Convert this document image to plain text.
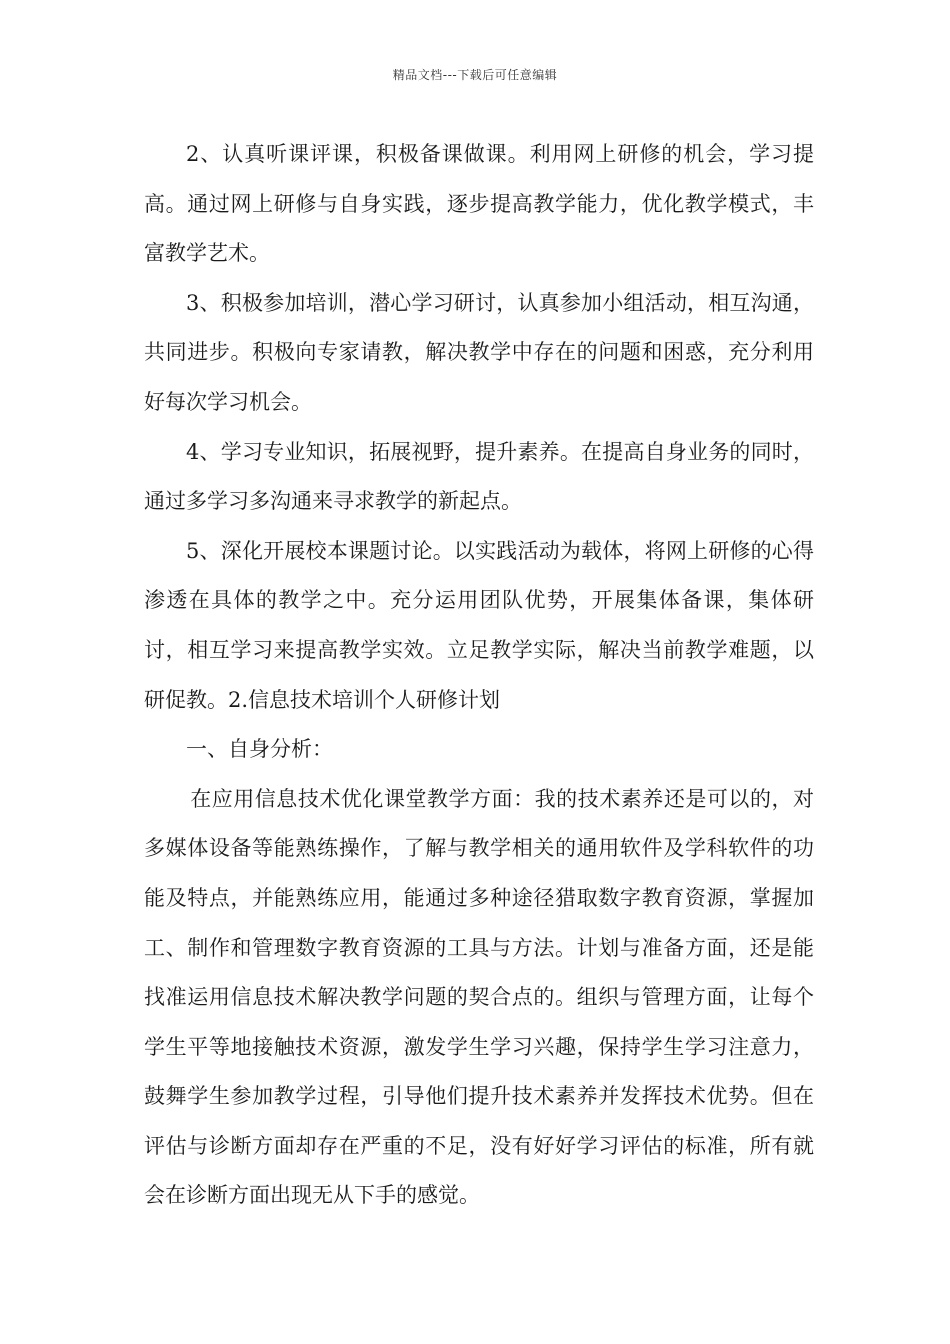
精品文档---下载后可任意编辑

2、认真听课评课，积极备课做课。利用网上研修的机会，学习提高。通过网上研修与自身实践，逐步提高教学能力，优化教学模式，丰富教学艺术。

3、积极参加培训，潜心学习研讨，认真参加小组活动，相互沟通，共同进步。积极向专家请教，解决教学中存在的问题和困惑，充分利用好每次学习机会。

4、学习专业知识，拓展视野，提升素养。在提高自身业务的同时，通过多学习多沟通来寻求教学的新起点。

5、深化开展校本课题讨论。以实践活动为载体，将网上研修的心得渗透在具体的教学之中。充分运用团队优势，开展集体备课，集体研讨，相互学习来提高教学实效。立足教学实际，解决当前教学难题，以研促教。2.信息技术培训个人研修计划

一、自身分析：

在应用信息技术优化课堂教学方面：我的技术素养还是可以的，对多媒体设备等能熟练操作，了解与教学相关的通用软件及学科软件的功能及特点，并能熟练应用，能通过多种途径猎取数字教育资源，掌握加工、制作和管理数字教育资源的工具与方法。计划与准备方面，还是能找准运用信息技术解决教学问题的契合点的。组织与管理方面，让每个学生平等地接触技术资源，激发学生学习兴趣，保持学生学习注意力，鼓舞学生参加教学过程，引导他们提升技术素养并发挥技术优势。但在评估与诊断方面却存在严重的不足，没有好好学习评估的标准，所有就会在诊断方面出现无从下手的感觉。
